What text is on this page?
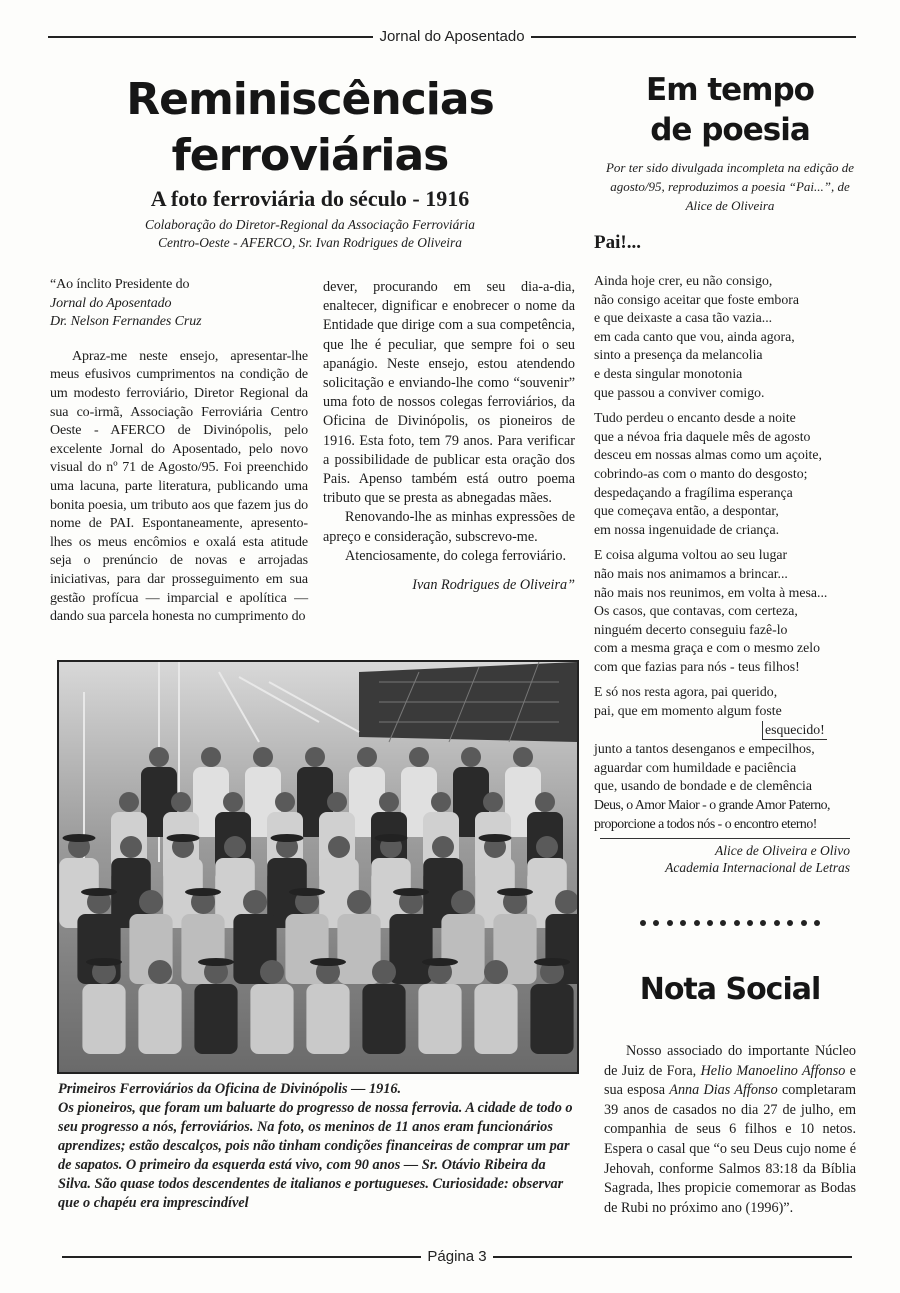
Jornal do Aposentado
Reminiscências
ferroviárias
A foto ferroviária do século - 1916
Colaboração do Diretor-Regional da Associação Ferroviária
Centro-Oeste - AFERCO, Sr. Ivan Rodrigues de Oliveira
“Ao ínclito Presidente do
Jornal do Aposentado
Dr. Nelson Fernandes Cruz

Apraz-me neste ensejo, apresentar-lhe meus efusivos cumprimentos na condição de um modesto ferroviário, Diretor Regional da sua co-irmã, Associação Ferroviária Centro Oeste - AFERCO de Divinópolis, pelo excelente Jornal do Aposentado, pelo novo visual do nº 71 de Agosto/95. Foi preenchido uma lacuna, parte literatura, publicando uma bonita poesia, um tributo aos que fazem jus do nome de PAI. Espontaneamente, apresento-lhes os meus encômios e oxalá esta atitude seja o prenúncio de novas e arrojadas iniciativas, para dar prosseguimento em sua gestão profícua — imparcial e apolítica — dando sua parcela honesta no cumprimento do

dever, procurando em seu dia-a-dia, enaltecer, dignificar e enobrecer o nome da Entidade que dirige com a sua competência, que lhe é peculiar, que sempre foi o seu apanágio. Neste ensejo, estou atendendo solicitação e enviando-lhe como “souvenir” uma foto de nossos colegas ferroviários, da Oficina de Divinópolis, os pioneiros de 1916. Esta foto, tem 79 anos. Para verificar a possibilidade de publicar esta oração dos Pais. Apenso também está outro poema tributo que se presta as abnegadas mães.

Renovando-lhe as minhas expressões de apreço e consideração, subscrevo-me.

Atenciosamente, do colega ferroviário.

Ivan Rodrigues de Oliveira”
Primeiros Ferroviários da Oficina de Divinópolis — 1916.
Os pioneiros, que foram um baluarte do progresso de nossa ferrovia. A cidade de todo o seu progresso a nós, ferroviários. Na foto, os meninos de 11 anos eram funcionários aprendizes; estão descalços, pois não tinham condições financeiras de comprar um par de sapatos. O primeiro da esquerda está vivo, com 90 anos — Sr. Otávio Ribeira da Silva. São quase todos descendentes de italianos e portugueses. Curiosidade: observar que o chapéu era imprescindível
Em tempo
de poesia
Por ter sido divulgada incompleta na edição de agosto/95, reproduzimos a poesia “Pai...”, de Alice de Oliveira
Pai!...
Ainda hoje crer, eu não consigo,
não consigo aceitar que foste embora
e que deixaste a casa tão vazia...
em cada canto que vou, ainda agora,
sinto a presença da melancolia
e desta singular monotonia
que passou a conviver comigo.
Tudo perdeu o encanto desde a noite
que a névoa fria daquele mês de agosto
desceu em nossas almas como um açoite,
cobrindo-as com o manto do desgosto;
despedaçando a fragílima esperança
que começava então, a despontar,
em nossa ingenuidade de criança.
E coisa alguma voltou ao seu lugar
não mais nos animamos a brincar...
não mais nos reunimos, em volta à mesa...
Os casos, que contavas, com certeza,
ninguém decerto conseguiu fazê-lo
com a mesma graça e com o mesmo zelo
com que fazias para nós - teus filhos!
E só nos resta agora, pai querido,
pai, que em momento algum foste
esquecido!
junto a tantos desenganos e empecilhos,
aguardar com humildade e paciência
que, usando de bondade e de clemência
Deus, o Amor Maior - o grande Amor Paterno,
proporcione a todos nós - o encontro eterno!
Alice de Oliveira e Olivo
Academia Internacional de Letras
Nota Social
Nosso associado do importante Núcleo de Juiz de Fora, Helio Manoelino Affonso e sua esposa Anna Dias Affonso completaram 39 anos de casados no dia 27 de julho, em companhia de seus 6 filhos e 10 netos. Espera o casal que “o seu Deus cujo nome é Jehovah, conforme Salmos 83:18 da Bíblia Sagrada, lhes propicie comemorar as Bodas de Rubi no próximo ano (1996)”.
Página 3
